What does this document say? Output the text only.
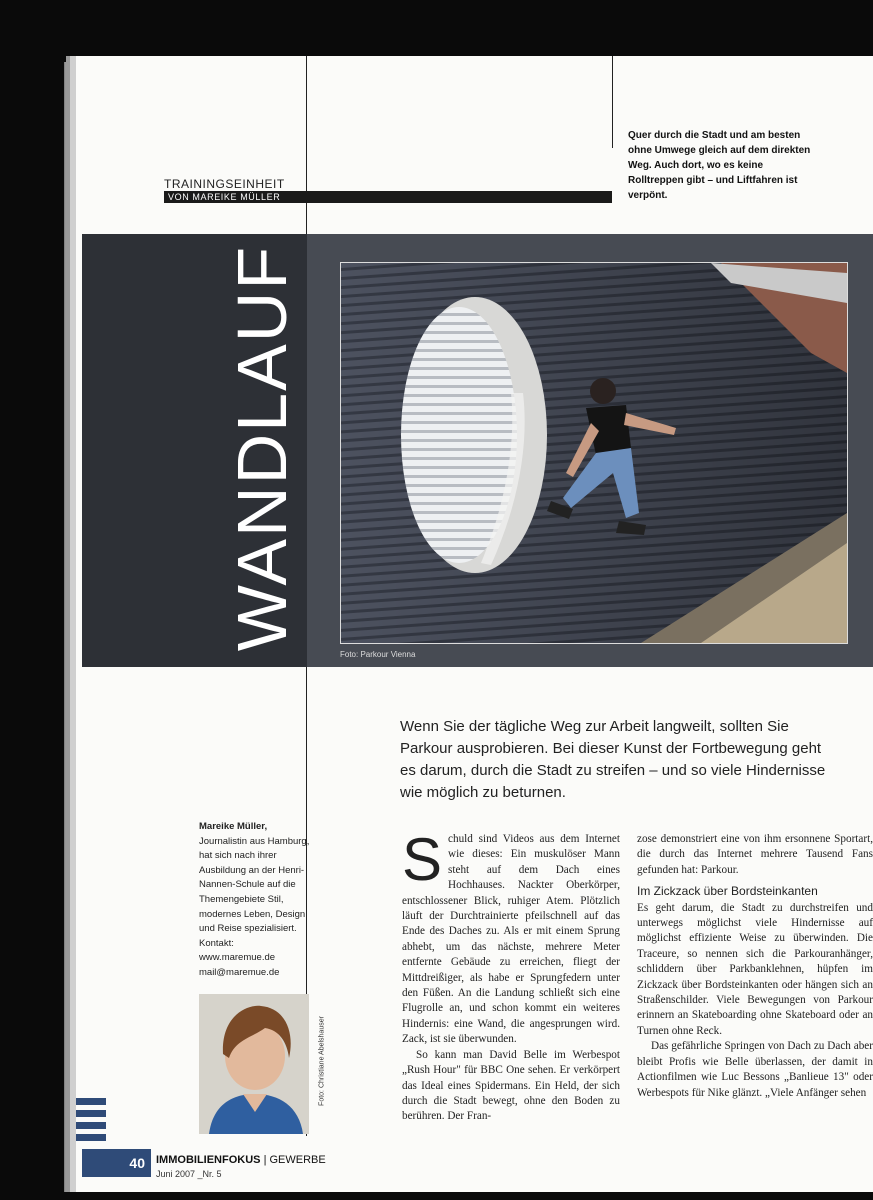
TRAININGSEINHEIT
VON MAREIKE MÜLLER
Quer durch die Stadt und am besten ohne Umwege gleich auf dem direkten Weg. Auch dort, wo es keine Rolltreppen gibt – und Liftfahren ist verpönt.
WANDLAUF
Foto: Parkour Vienna
Wenn Sie der tägliche Weg zur Arbeit langweilt, sollten Sie Parkour ausprobieren. Bei dieser Kunst der Fortbewegung geht es darum, durch die Stadt zu streifen – und so viele Hindernisse wie möglich zu beturnen.
Mareike Müller,
Journalistin aus Hamburg, hat sich nach ihrer Ausbildung an der Henri-Nannen-Schule auf die Themengebiete Stil, modernes Leben, Design und Reise spezialisiert.
Kontakt:
www.maremue.de
mail@maremue.de
Foto: Christiane Abelshauser

Schuld sind Videos aus dem Internet wie dieses: Ein muskulöser Mann steht auf dem Dach eines Hochhauses. Nackter Oberkörper, entschlossener Blick, ruhiger Atem. Plötzlich läuft der Durchtrainierte pfeilschnell auf das Ende des Daches zu. Als er mit einem Sprung abhebt, um das nächste, mehrere Meter entfernte Gebäude zu erreichen, fliegt der Mittdreißiger, als habe er Sprungfedern unter den Füßen. An die Landung schließt sich eine Flugrolle an, und schon kommt ein weiteres Hindernis: eine Wand, die angesprungen wird. Zack, ist sie überwunden.

So kann man David Belle im Werbespot „Rush Hour" für BBC One sehen. Er verkörpert das Ideal eines Spidermans. Ein Held, der sich durch die Stadt bewegt, ohne den Boden zu berühren. Der Fran-

zose demonstriert eine von ihm ersonnene Sportart, die durch das Internet mehrere Tausend Fans gefunden hat: Parkour.

Im Zickzack über Bordsteinkanten

Es geht darum, die Stadt zu durchstreifen und unterwegs möglichst viele Hindernisse auf möglichst effiziente Weise zu überwinden. Die Traceure, so nennen sich die Parkouranhänger, schliddern über Parkbanklehnen, hüpfen im Zickzack über Bordsteinkanten oder hängen sich an Straßenschilder. Viele Bewegungen von Parkour erinnern an Skateboarding ohne Skateboard oder an Turnen ohne Reck.

Das gefährliche Springen von Dach zu Dach aber bleibt Profis wie Belle überlassen, der damit in Actionfilmen wie Luc Bessons „Banlieue 13" oder Werbespots für Nike glänzt. „Viele Anfänger sehen

40	IMMOBILIENFOKUS | GEWERBE
Juni 2007 _Nr. 5
